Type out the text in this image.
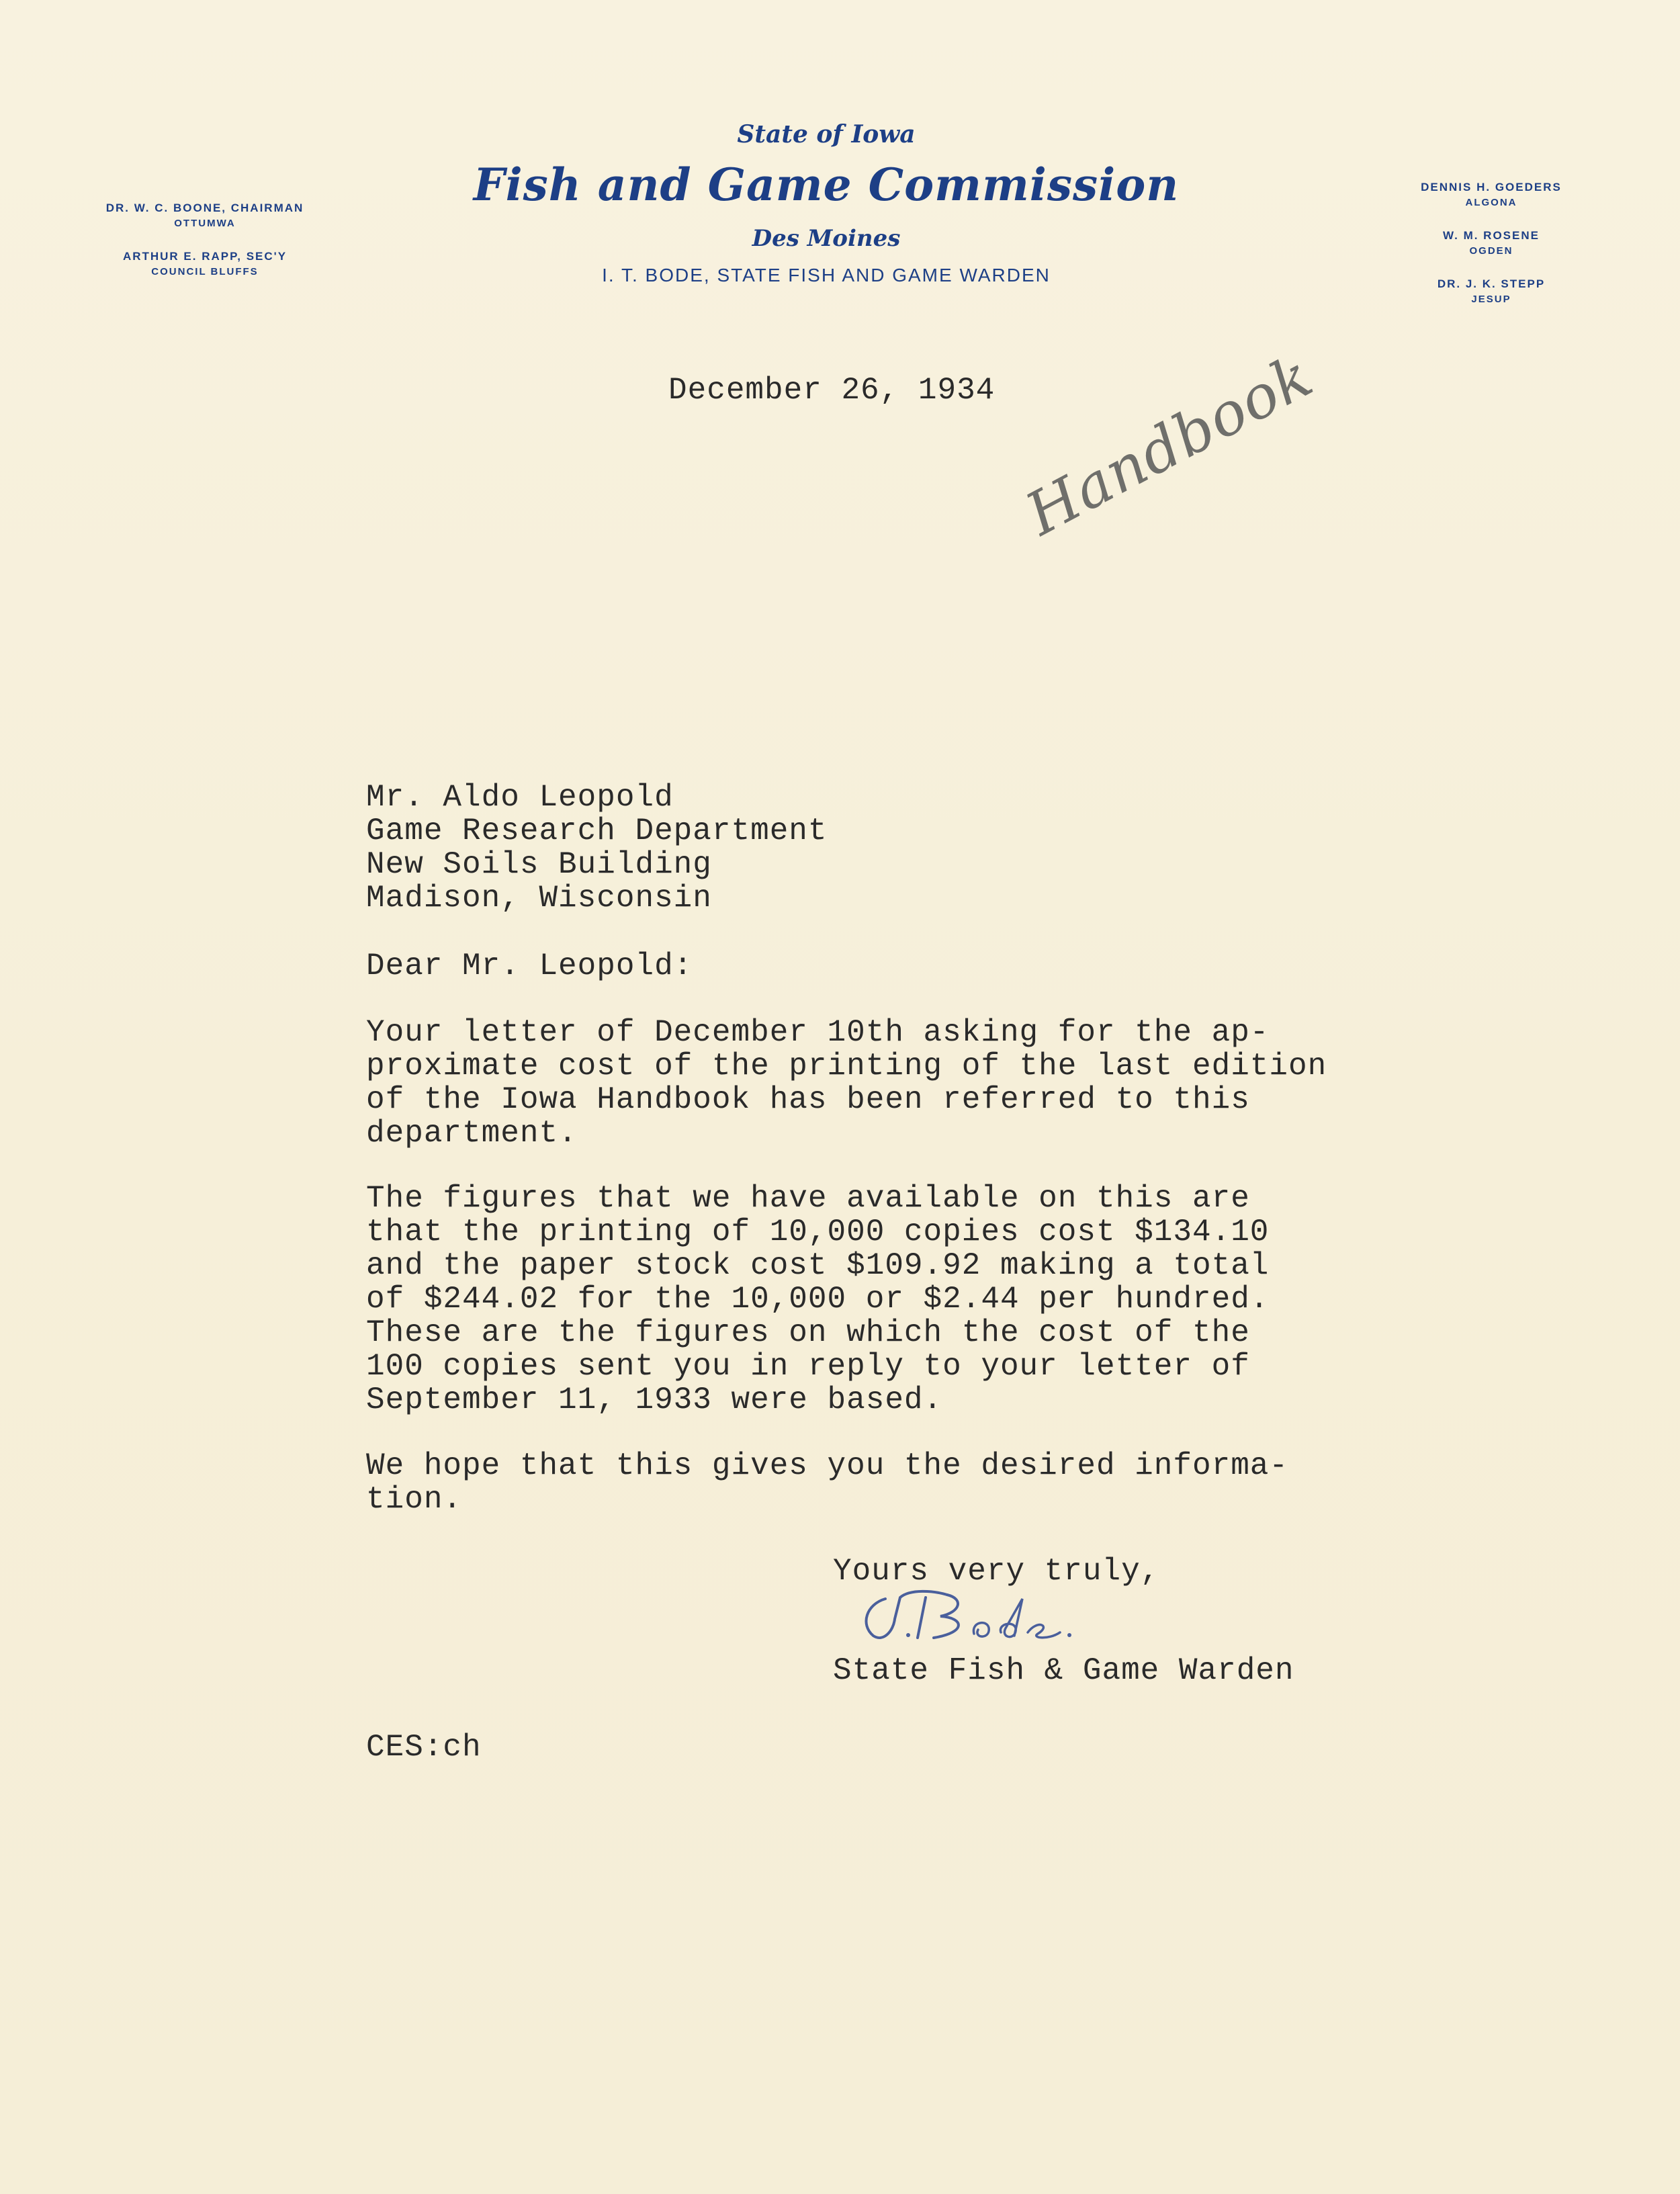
State of Iowa
Fish and Game Commission
Des Moines
I. T. BODE, STATE FISH AND GAME WARDEN
DR. W. C. BOONE, CHAIRMAN
OTTUMWA
ARTHUR E. RAPP, SEC'Y
COUNCIL BLUFFS
DENNIS H. GOEDERS
ALGONA
W. M. ROSENE
OGDEN
DR. J. K. STEPP
JESUP
December 26, 1934 Handbook
Mr. Aldo Leopold
Game Research Department
New Soils Building
Madison, Wisconsin
Dear Mr. Leopold:
Your letter of December 10th asking for the ap-
proximate cost of the printing of the last edition
of the Iowa Handbook has been referred to this
department.
The figures that we have available on this are
that the printing of 10,000 copies cost $134.10
and the paper stock cost $109.92 making a total
of $244.02 for the 10,000 or $2.44 per hundred.
These are the figures on which the cost of the
100 copies sent you in reply to your letter of
September 11, 1933 were based.
We hope that this gives you the desired informa-
tion.
Yours very truly,
State Fish & Game Warden
CES:ch
